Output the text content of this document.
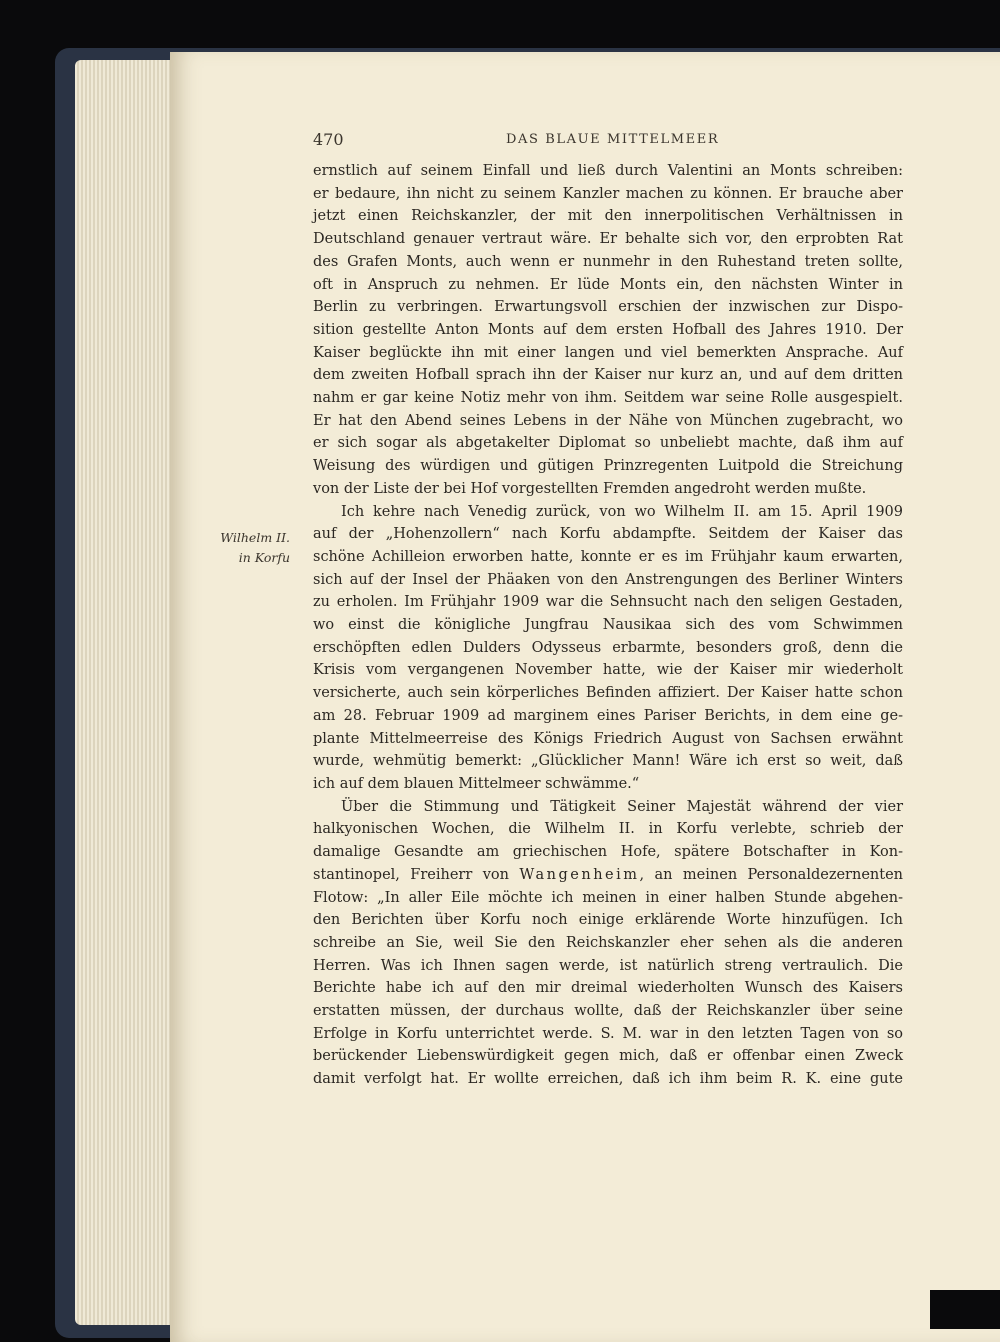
470	DAS BLAUE MITTELMEER
Wilhelm II.
in Korfu
ernstlich auf seinem Einfall und ließ durch Valentini an Monts schreiben:
er bedaure, ihn nicht zu seinem Kanzler machen zu können. Er brauche aber
jetzt einen Reichskanzler, der mit den innerpolitischen Verhältnissen in
Deutschland genauer vertraut wäre. Er behalte sich vor, den erprobten Rat
des Grafen Monts, auch wenn er nunmehr in den Ruhestand treten sollte,
oft in Anspruch zu nehmen. Er lüde Monts ein, den nächsten Winter in
Berlin zu verbringen. Erwartungsvoll erschien der inzwischen zur Dispo-
sition gestellte Anton Monts auf dem ersten Hofball des Jahres 1910. Der
Kaiser beglückte ihn mit einer langen und viel bemerkten Ansprache. Auf
dem zweiten Hofball sprach ihn der Kaiser nur kurz an, und auf dem dritten
nahm er gar keine Notiz mehr von ihm. Seitdem war seine Rolle ausgespielt.
Er hat den Abend seines Lebens in der Nähe von München zugebracht, wo
er sich sogar als abgetakelter Diplomat so unbeliebt machte, daß ihm auf
Weisung des würdigen und gütigen Prinzregenten Luitpold die Streichung
von der Liste der bei Hof vorgestellten Fremden angedroht werden mußte.
Ich kehre nach Venedig zurück, von wo Wilhelm II. am 15. April 1909
auf der „Hohenzollern“ nach Korfu abdampfte. Seitdem der Kaiser das
schöne Achilleion erworben hatte, konnte er es im Frühjahr kaum erwarten,
sich auf der Insel der Phäaken von den Anstrengungen des Berliner Winters
zu erholen. Im Frühjahr 1909 war die Sehnsucht nach den seligen Gestaden,
wo einst die königliche Jungfrau Nausikaa sich des vom Schwimmen
erschöpften edlen Dulders Odysseus erbarmte, besonders groß, denn die
Krisis vom vergangenen November hatte, wie der Kaiser mir wiederholt
versicherte, auch sein körperliches Befinden affiziert. Der Kaiser hatte schon
am 28. Februar 1909 ad marginem eines Pariser Berichts, in dem eine ge-
plante Mittelmeerreise des Königs Friedrich August von Sachsen erwähnt
wurde, wehmütig bemerkt: „Glücklicher Mann! Wäre ich erst so weit, daß
ich auf dem blauen Mittelmeer schwämme.“
Über die Stimmung und Tätigkeit Seiner Majestät während der vier
halkyonischen Wochen, die Wilhelm II. in Korfu verlebte, schrieb der
damalige Gesandte am griechischen Hofe, spätere Botschafter in Kon-
stantinopel, Freiherr von Wangenheim, an meinen Personaldezernenten
Flotow: „In aller Eile möchte ich meinen in einer halben Stunde abgehen-
den Berichten über Korfu noch einige erklärende Worte hinzufügen. Ich
schreibe an Sie, weil Sie den Reichskanzler eher sehen als die anderen
Herren. Was ich Ihnen sagen werde, ist natürlich streng vertraulich. Die
Berichte habe ich auf den mir dreimal wiederholten Wunsch des Kaisers
erstatten müssen, der durchaus wollte, daß der Reichskanzler über seine
Erfolge in Korfu unterrichtet werde. S. M. war in den letzten Tagen von so
berückender Liebenswürdigkeit gegen mich, daß er offenbar einen Zweck
damit verfolgt hat. Er wollte erreichen, daß ich ihm beim R. K. eine gute
